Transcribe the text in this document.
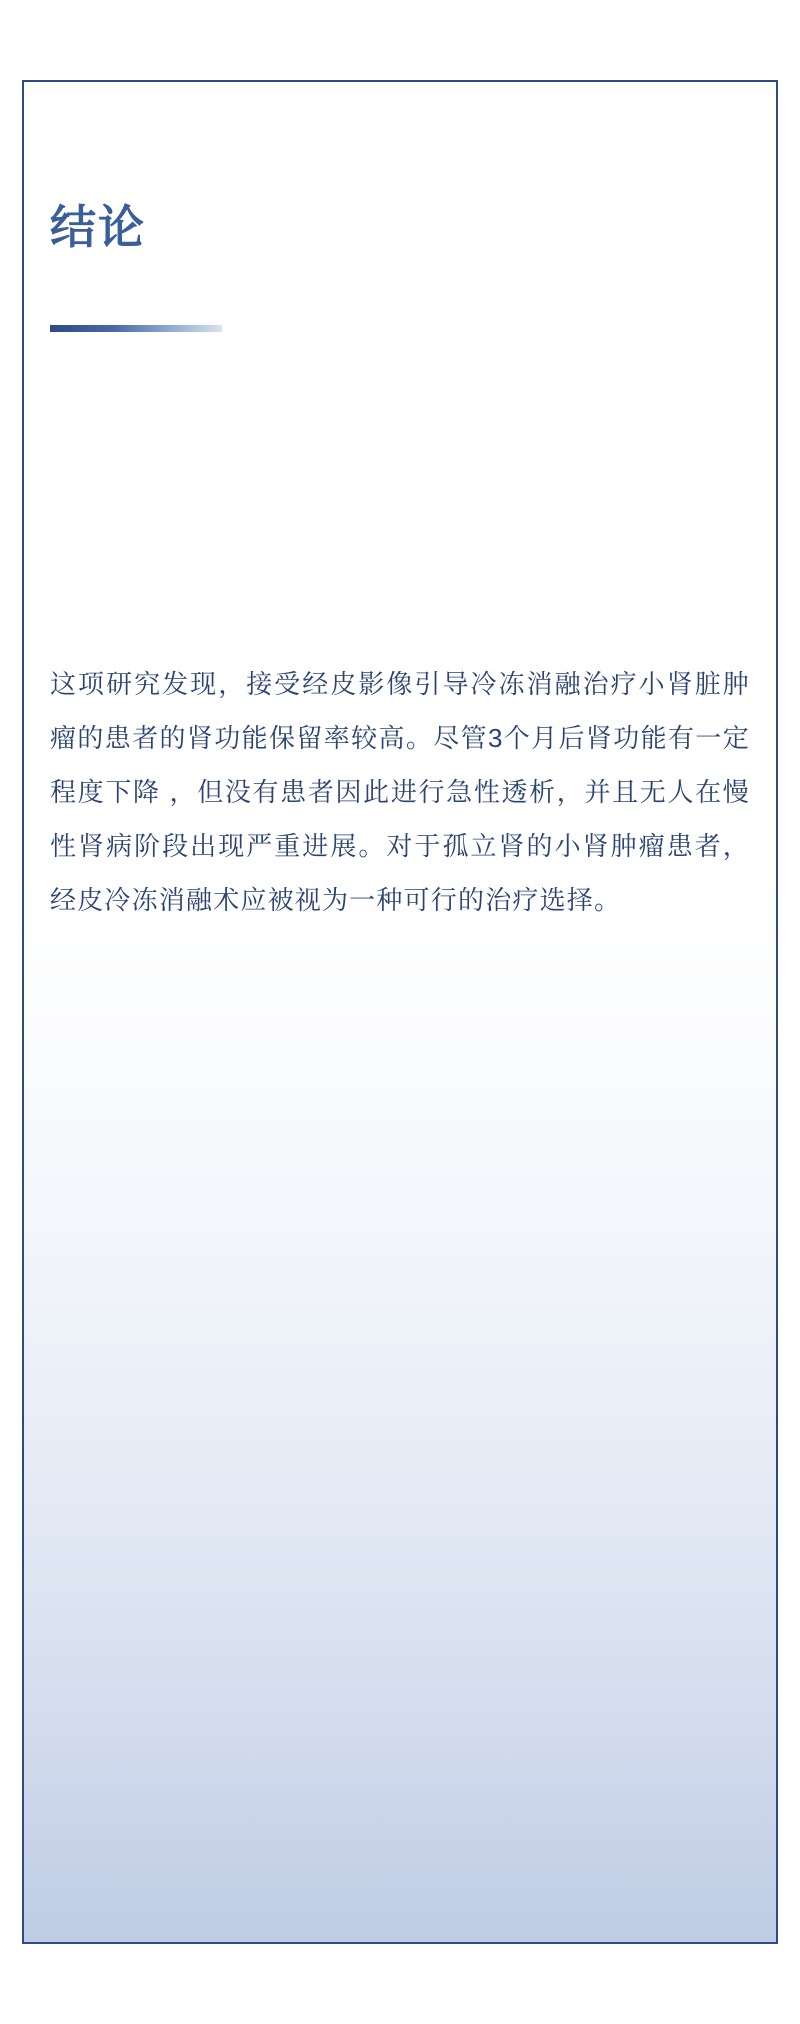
结论
这项研究发现，接受经皮影像引导冷冻消融治疗小肾脏肿瘤的患者的肾功能保留率较高。尽管3个月后肾功能有一定程度下降 ，但没有患者因此进行急性透析，并且无人在慢性肾病阶段出现严重进展。对于孤立肾的小肾肿瘤患者，经皮冷冻消融术应被视为一种可行的治疗选择。
